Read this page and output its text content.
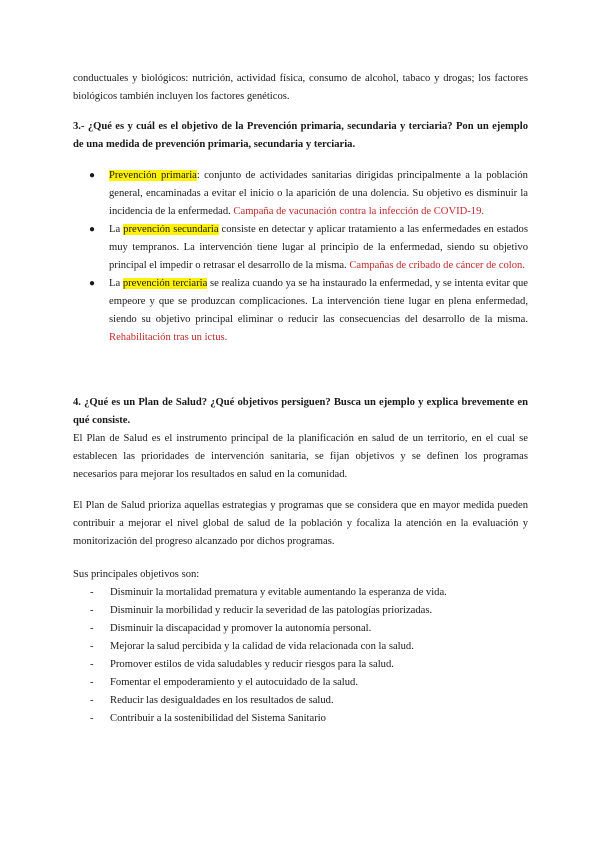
conductuales y biológicos: nutrición, actividad física, consumo de alcohol, tabaco y drogas; los factores biológicos también incluyen los factores genéticos.

3.- ¿Qué es y cuál es el objetivo de la Prevención primaria, secundaria y terciaria? Pon un ejemplo de una medida de prevención primaria, secundaria y terciaria.

● Prevención primaria: conjunto de actividades sanitarias dirigidas principalmente a la población general, encaminadas a evitar el inicio o la aparición de una dolencia. Su objetivo es disminuir la incidencia de la enfermedad. Campaña de vacunación contra la infección de COVID-19.
● La prevención secundaria consiste en detectar y aplicar tratamiento a las enfermedades en estados muy tempranos. La intervención tiene lugar al principio de la enfermedad, siendo su objetivo principal el impedir o retrasar el desarrollo de la misma. Campañas de cribado de cáncer de colon.
● La prevención terciaria se realiza cuando ya se ha instaurado la enfermedad, y se intenta evitar que empeore y que se produzcan complicaciones. La intervención tiene lugar en plena enfermedad, siendo su objetivo principal eliminar o reducir las consecuencias del desarrollo de la misma. Rehabilitación tras un ictus.

4. ¿Qué es un Plan de Salud? ¿Qué objetivos persiguen? Busca un ejemplo y explica brevemente en qué consiste.

El Plan de Salud es el instrumento principal de la planificación en salud de un territorio, en el cual se establecen las prioridades de intervención sanitaria, se fijan objetivos y se definen los programas necesarios para mejorar los resultados en salud en la comunidad.

El Plan de Salud prioriza aquellas estrategias y programas que se considera que en mayor medida pueden contribuir a mejorar el nivel global de salud de la población y focaliza la atención en la evaluación y monitorización del progreso alcanzado por dichos programas.

Sus principales objetivos son:

- Disminuir la mortalidad prematura y evitable aumentando la esperanza de vida.
- Disminuir la morbilidad y reducir la severidad de las patologías priorizadas.
- Disminuir la discapacidad y promover la autonomía personal.
- Mejorar la salud percibida y la calidad de vida relacionada con la salud.
- Promover estilos de vida saludables y reducir riesgos para la salud.
- Fomentar el empoderamiento y el autocuidado de la salud.
- Reducir las desigualdades en los resultados de salud.
- Contribuir a la sostenibilidad del Sistema Sanitario
